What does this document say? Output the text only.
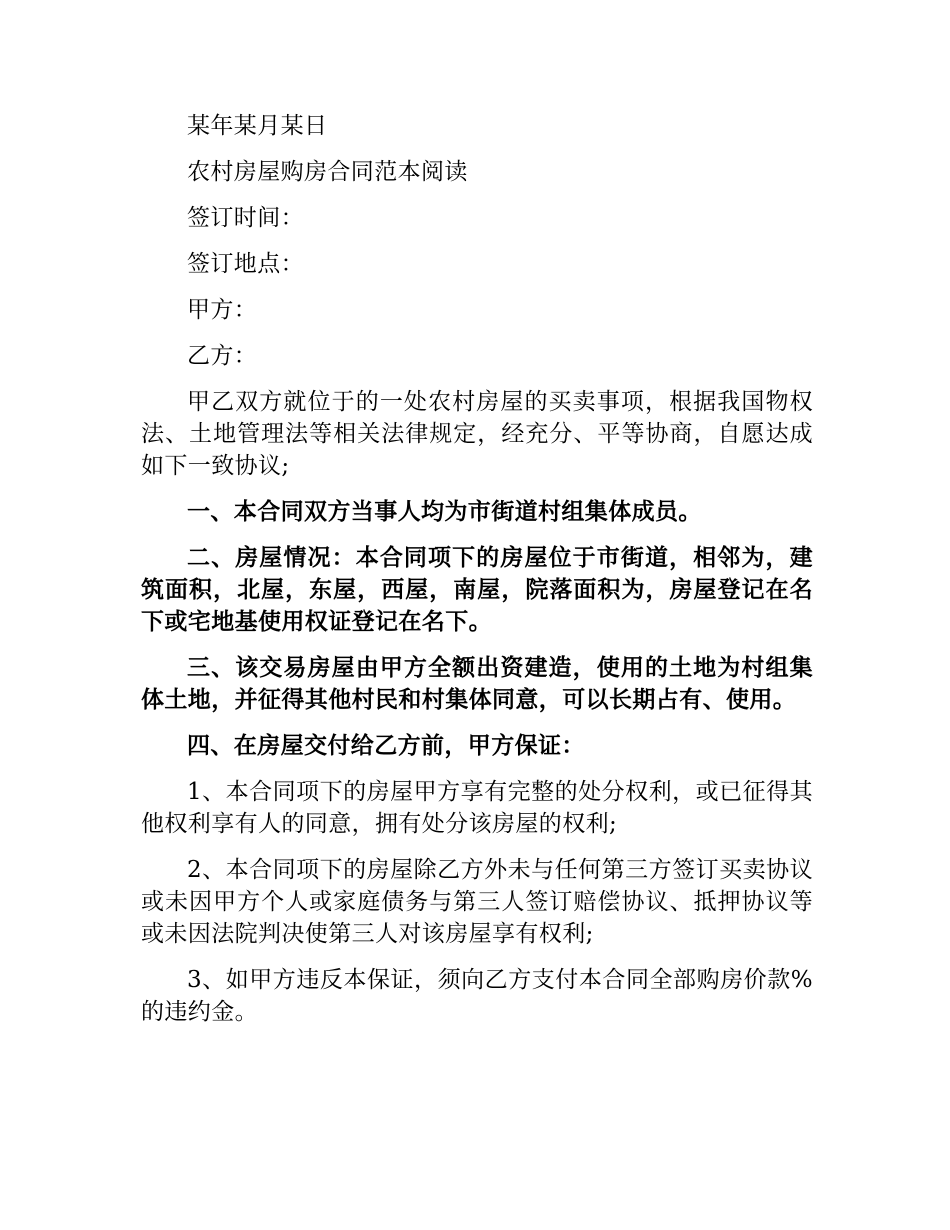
某年某月某日

农村房屋购房合同范本阅读

签订时间：

签订地点：

甲方：

乙方：

甲乙双方就位于的一处农村房屋的买卖事项，根据我国物权法、土地管理法等相关法律规定，经充分、平等协商，自愿达成如下一致协议;

一、本合同双方当事人均为市街道村组集体成员。

二、房屋情况：本合同项下的房屋位于市街道，相邻为，建筑面积，北屋，东屋，西屋，南屋，院落面积为，房屋登记在名下或宅地基使用权证登记在名下。

三、该交易房屋由甲方全额出资建造，使用的土地为村组集体土地，并征得其他村民和村集体同意，可以长期占有、使用。

四、在房屋交付给乙方前，甲方保证：

1、本合同项下的房屋甲方享有完整的处分权利，或已征得其他权利享有人的同意，拥有处分该房屋的权利;

2、本合同项下的房屋除乙方外未与任何第三方签订买卖协议或未因甲方个人或家庭债务与第三人签订赔偿协议、抵押协议等或未因法院判决使第三人对该房屋享有权利;

3、如甲方违反本保证，须向乙方支付本合同全部购房价款%的违约金。
